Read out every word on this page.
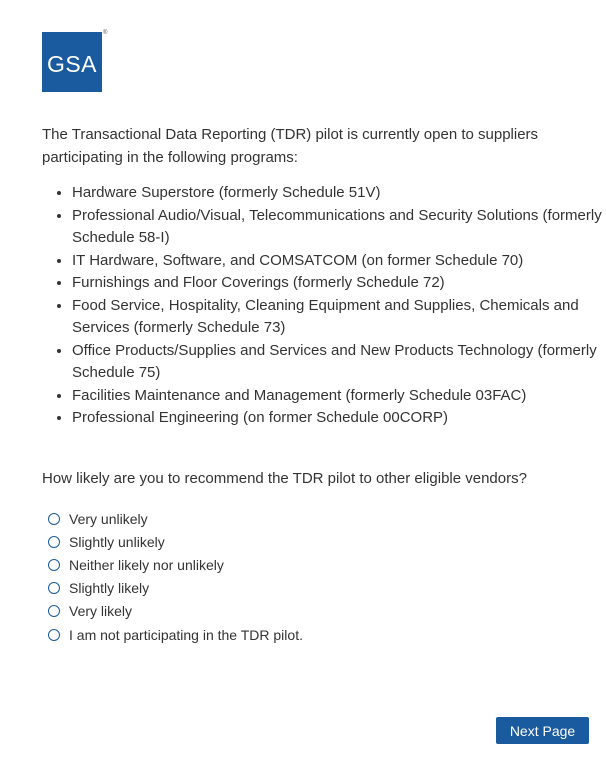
GSA
®

The Transactional Data Reporting (TDR) pilot is currently open to suppliers participating in the following programs:

• Hardware Superstore (formerly Schedule 51V)
• Professional Audio/Visual, Telecommunications and Security Solutions (formerly Schedule 58-I)
• IT Hardware, Software, and COMSATCOM (on former Schedule 70)
• Furnishings and Floor Coverings (formerly Schedule 72)
• Food Service, Hospitality, Cleaning Equipment and Supplies, Chemicals and Services (formerly Schedule 73)
• Office Products/Supplies and Services and New Products Technology (formerly Schedule 75)
• Facilities Maintenance and Management (formerly Schedule 03FAC)
• Professional Engineering (on former Schedule 00CORP)

How likely are you to recommend the TDR pilot to other eligible vendors?

Very unlikely
Slightly unlikely
Neither likely nor unlikely
Slightly likely
Very likely
I am not participating in the TDR pilot.
Next Page
